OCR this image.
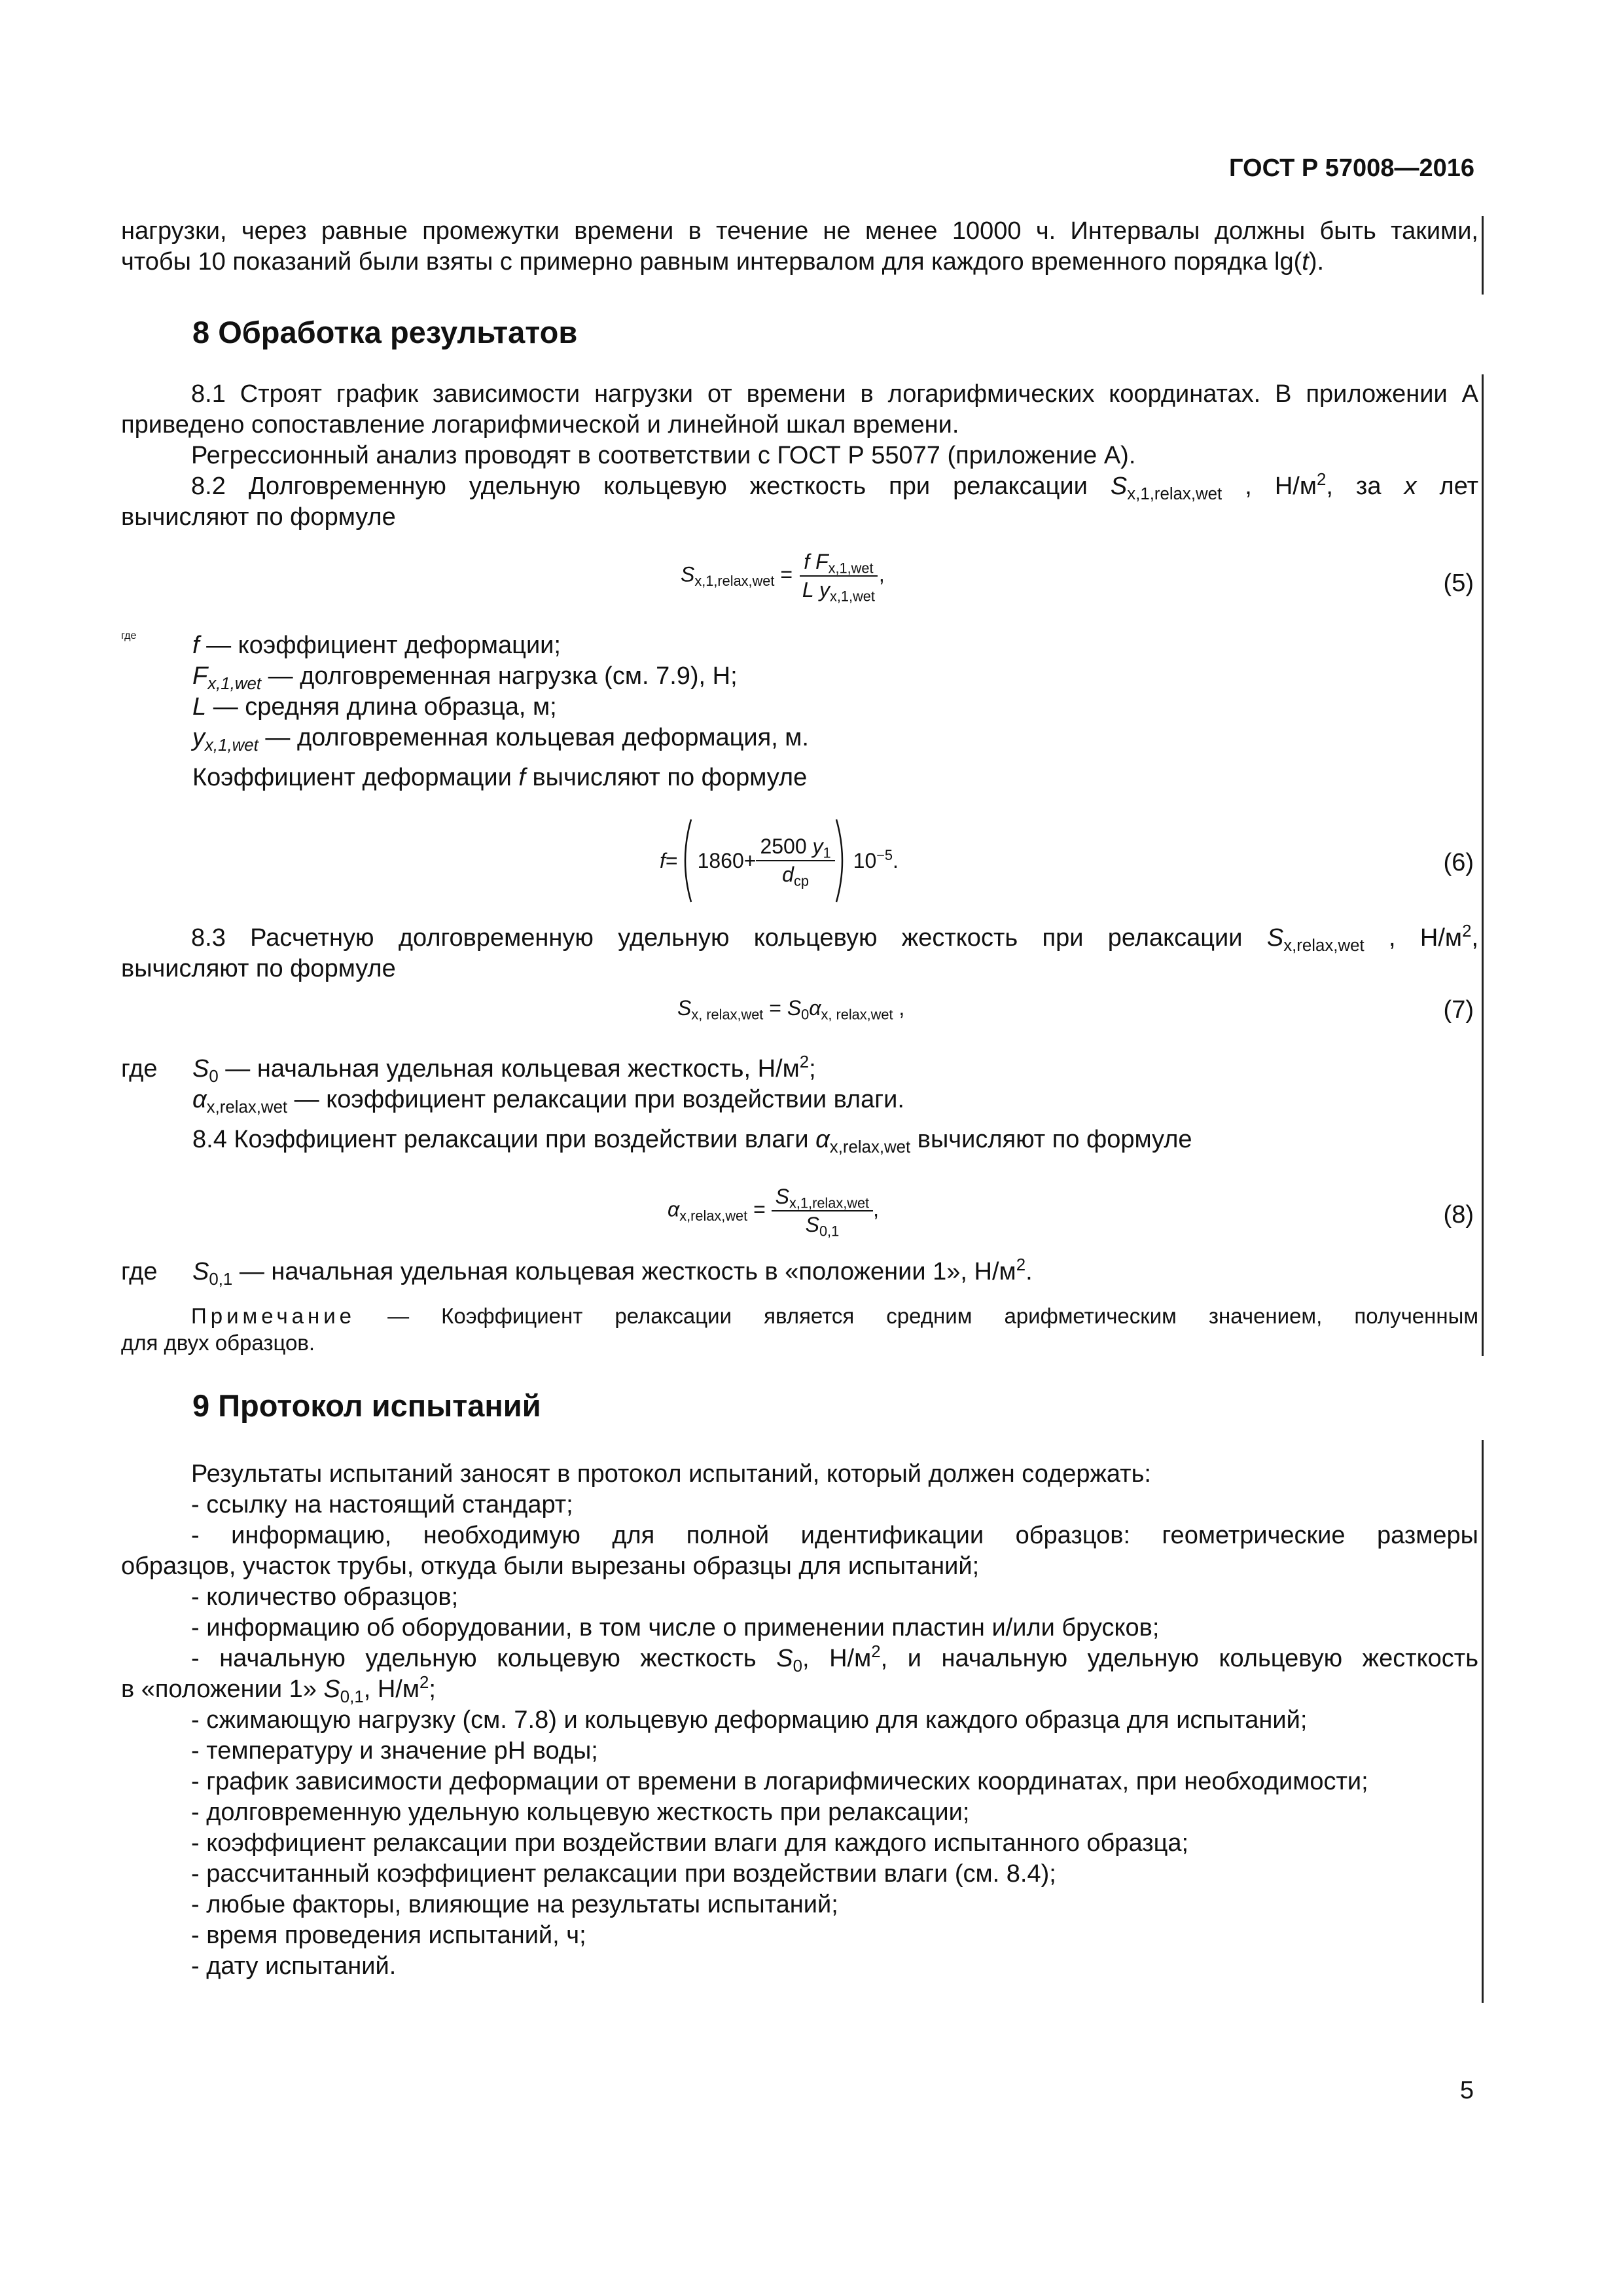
ГОСТ Р 57008—2016

нагрузки, через равные промежутки времени в течение не менее 10000 ч. Интервалы должны быть такими,

чтобы 10 показаний были взяты с примерно равным интервалом для каждого временного порядка lg(t).

8 Обработка результатов

8.1 Строят график зависимости нагрузки от времени в логарифмических координатах. В приложении А

приведено сопоставление логарифмической и линейной шкал времени.

Регрессионный анализ проводят в соответствии с ГОСТ Р 55077 (приложение А).

8.2 Долговременную удельную кольцевую жесткость при релаксации $S_{x,1,relax,wet}$ , $Н/м^2$, за x лет

вычисляют по формуле

$S_{x,1,relax,wet} = \frac{f F_{x,1,wet}}{L y_{x,1,wet}}$ ,	(5)
где f — коэффициент деформации;

$F_{x,1,wet}$ — долговременная нагрузка (см. 7.9), Н;

L — средняя длина образца, м;

$y_{x,1,wet}$ — долговременная кольцевая деформация, м.

Коэффициент деформации f вычисляют по формуле

$f = 1860+ \frac{2500 y_1}{d_{ср}} 10^{-5}$.	(6)

8.3 Расчетную долговременную удельную кольцевую жесткость при релаксации $S_{x,relax,wet}$ , $Н/м^2$,

вычисляют по формуле

$S_{x, relax,wet} = S_0\alpha_{x, relax,wet}$ ,	(7)
где $S_0$ — начальная удельная кольцевая жесткость, $Н/м^2$;

$\alpha_{x,relax,wet}$ — коэффициент релаксации при воздействии влаги.

8.4 Коэффициент релаксации при воздействии влаги $\alpha_{x,relax,wet}$ вычисляют по формуле

$\alpha_{x,relax,wet} = \frac{S_{x,1,relax,wet}}{S_{0,1}}$ ,	(8)
где $S_{0,1}$ — начальная удельная кольцевая жесткость в «положении 1», $Н/м^2$.

Примечание — Коэффициент релаксации является средним арифметическим значением, полученным

для двух образцов.

9 Протокол испытаний

Результаты испытаний заносят в протокол испытаний, который должен содержать:

- ссылку на настоящий стандарт;

- информацию, необходимую для полной идентификации образцов: геометрические размеры

образцов, участок трубы, откуда были вырезаны образцы для испытаний;

- количество образцов;

- информацию об оборудовании, в том числе о применении пластин и/или брусков;

- начальную удельную кольцевую жесткость $S_0$, $Н/м^2$, и начальную удельную кольцевую жесткость

в «положении 1» $S_{0,1}$, $Н/м^2$;

- сжимающую нагрузку (см. 7.8) и кольцевую деформацию для каждого образца для испытаний;

- температуру и значение pH воды;

- график зависимости деформации от времени в логарифмических координатах, при необходимости;

- долговременную удельную кольцевую жесткость при релаксации;

- коэффициент релаксации при воздействии влаги для каждого испытанного образца;

- рассчитанный коэффициент релаксации при воздействии влаги (см. 8.4);

- любые факторы, влияющие на результаты испытаний;

- время проведения испытаний, ч;

- дату испытаний.

5
